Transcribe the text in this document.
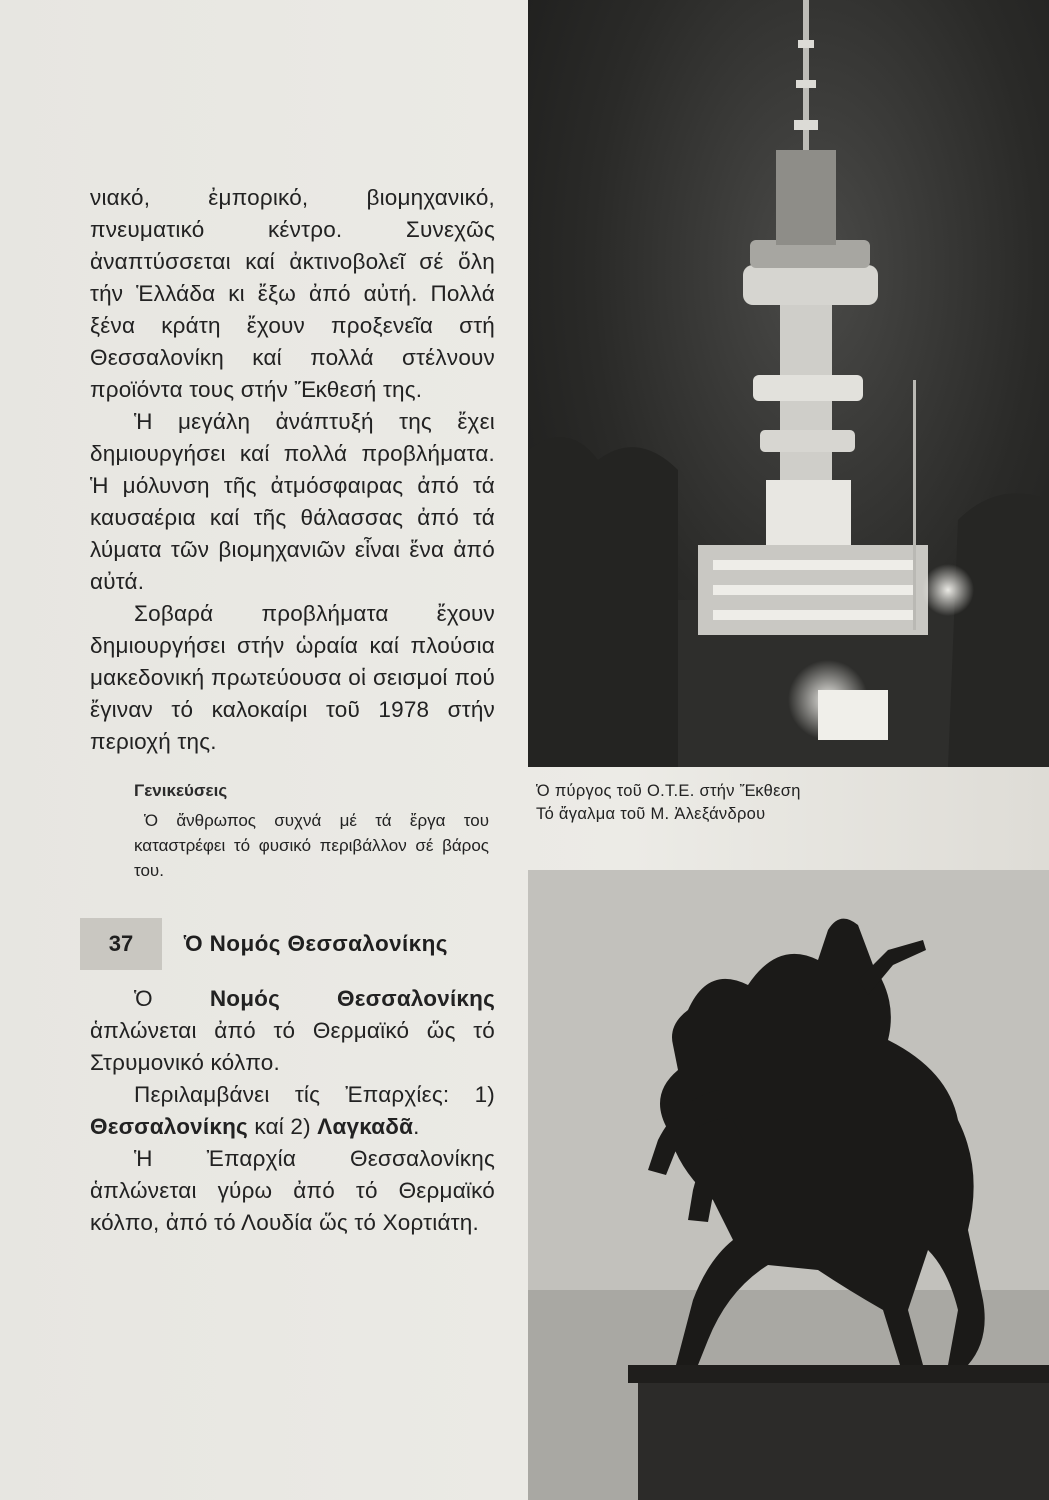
νιακό, ἐμπορικό, βιομηχανικό, πνευματικό κέντρο. Συνεχῶς ἀναπτύσσεται καί ἀκτινοβολεῖ σέ ὅλη τήν Ἑλλάδα κι ἔξω ἀπό αὐτή. Πολλά ξένα κράτη ἔχουν προξενεῖα στή Θεσσαλονίκη καί πολλά στέλνουν προϊόντα τους στήν Ἔκθεσή της.

Ἡ μεγάλη ἀνάπτυξή της ἔχει δημιουργήσει καί πολλά προβλήματα. Ἡ μόλυνση τῆς ἀτμόσφαιρας ἀπό τά καυσαέρια καί τῆς θάλασσας ἀπό τά λύματα τῶν βιομηχανιῶν εἶναι ἕνα ἀπό αὐτά.

Σοβαρά προβλήματα ἔχουν δημιουργήσει στήν ὡραία καί πλούσια μακεδονική πρωτεύουσα οἱ σεισμοί πού ἔγιναν τό καλοκαίρι τοῦ 1978 στήν περιοχή της.

Γενικεύσεις

Ὁ ἄνθρωπος συχνά μέ τά ἔργα του καταστρέφει τό φυσικό περιβάλλον σέ βάρος του.

37	Ὁ Νομός Θεσσαλονίκης

Ὁ Νομός Θεσσαλονίκης ἁπλώνεται ἀπό τό Θερμαϊκό ὥς τό Στρυμονικό κόλπο.

Περιλαμβάνει τίς Ἐπαρχίες: 1) Θεσσαλονίκης καί 2) Λαγκαδᾶ.

Ἡ Ἐπαρχία Θεσσαλονίκης ἁπλώνεται γύρω ἀπό τό Θερμαϊκό κόλπο, ἀπό τό Λουδία ὥς τό Χορτιάτη.

Ὁ πύργος τοῦ Ο.Τ.Ε. στήν Ἔκθεση
Τό ἄγαλμα τοῦ Μ. Ἀλεξάνδρου
